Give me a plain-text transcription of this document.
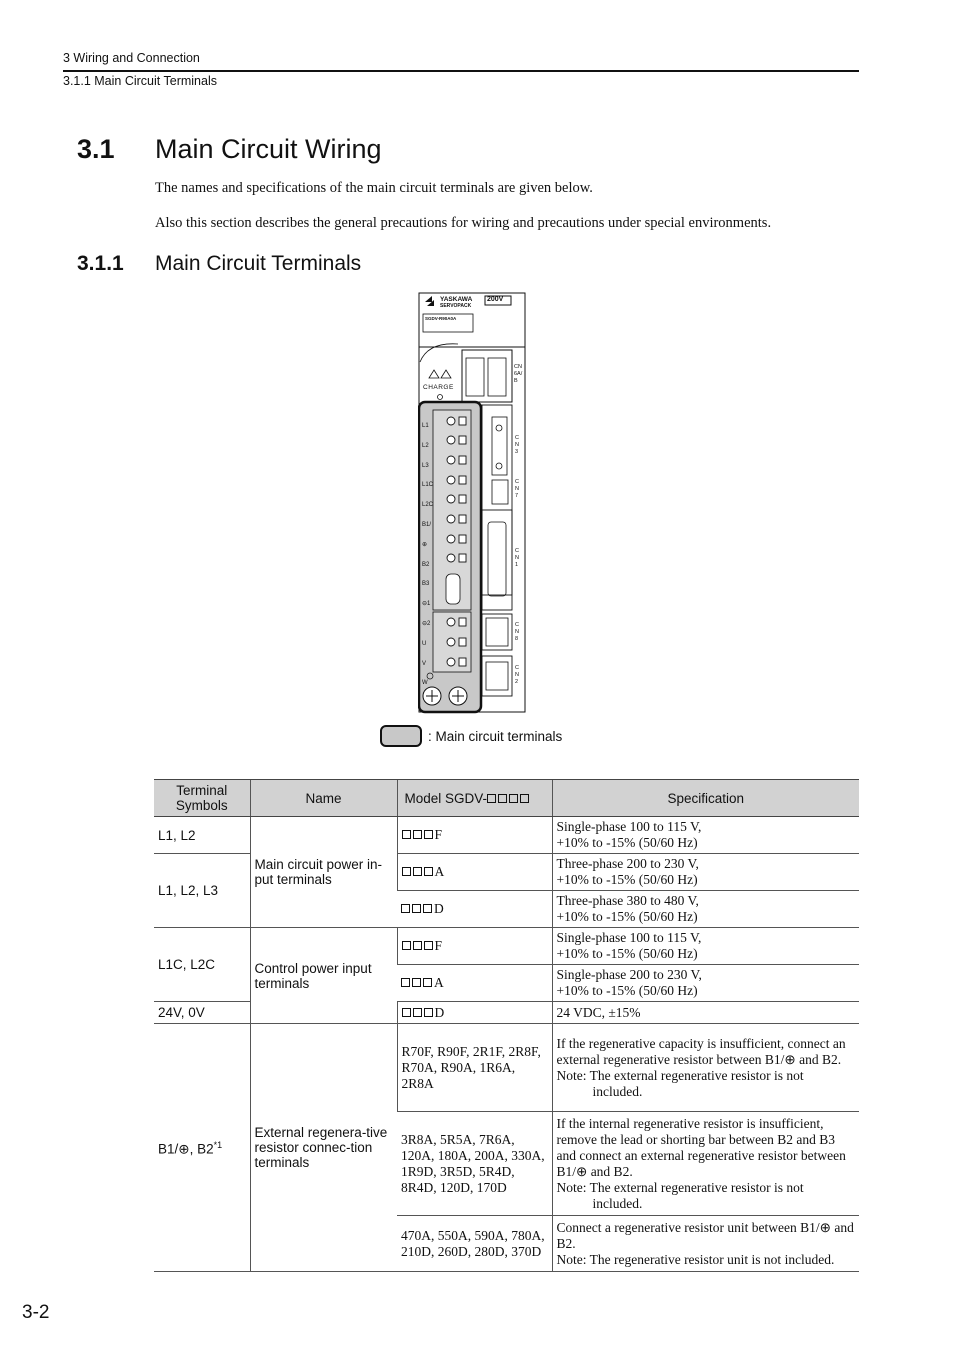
3 Wiring and Connection
3.1.1 Main Circuit Terminals
3.1 Main Circuit Wiring
The names and specifications of the main circuit terminals are given below.
Also this section describes the general precautions for wiring and precautions under special environments.
3.1.1 Main Circuit Terminals
YASKAWA
SERVOPACK
200V
SGDV-R90A0A
CHARGE
L1
L2
L3
L1C
L2C
B1/⊕
B2
B3
⊖1
⊖2
U
V
W
CN6A/B
CN3
CN7
CN1
CN8
CN2
: Main circuit terminals
Terminal Symbols	Name	Model SGDV-	Specification
L1, L2	Main circuit power in-put terminals	F	Single-phase 100 to 115 V,
+10% to -15% (50/60 Hz)

L1, L2, L3		A	Three-phase 200 to 230 V,
+10% to -15% (50/60 Hz)

		D	Three-phase 380 to 480 V,
+10% to -15% (50/60 Hz)

L1C, L2C	Control power input terminals	F	Single-phase 100 to 115 V,
+10% to -15% (50/60 Hz)

		A	Single-phase 200 to 230 V,
+10% to -15% (50/60 Hz)

24V, 0V		D	24 VDC, ±15%
B1/⊕, B2$^{*1}$	External regenera-tive resistor connec-tion terminals	R70F, R90F, 2R1F, 2R8F, R70A, R90A, 1R6A, 2R8A	If the regenerative capacity is insufficient, connect an external regenerative resistor between B1/⊕ and B2.
Note: The external regenerative resistor is not included.

		3R8A, 5R5A, 7R6A, 120A, 180A, 200A, 330A, 1R9D, 3R5D, 5R4D, 8R4D, 120D, 170D	If the internal regenerative resistor is insufficient, remove the lead or shorting bar between B2 and B3 and connect an external regenerative resistor between B1/⊕ and B2.
Note: The external regenerative resistor is not included.

		470A, 550A, 590A, 780A, 210D, 260D, 280D, 370D	Connect a regenerative resistor unit between B1/⊕ and B2.
Note: The regenerative resistor unit is not included.
3-2
